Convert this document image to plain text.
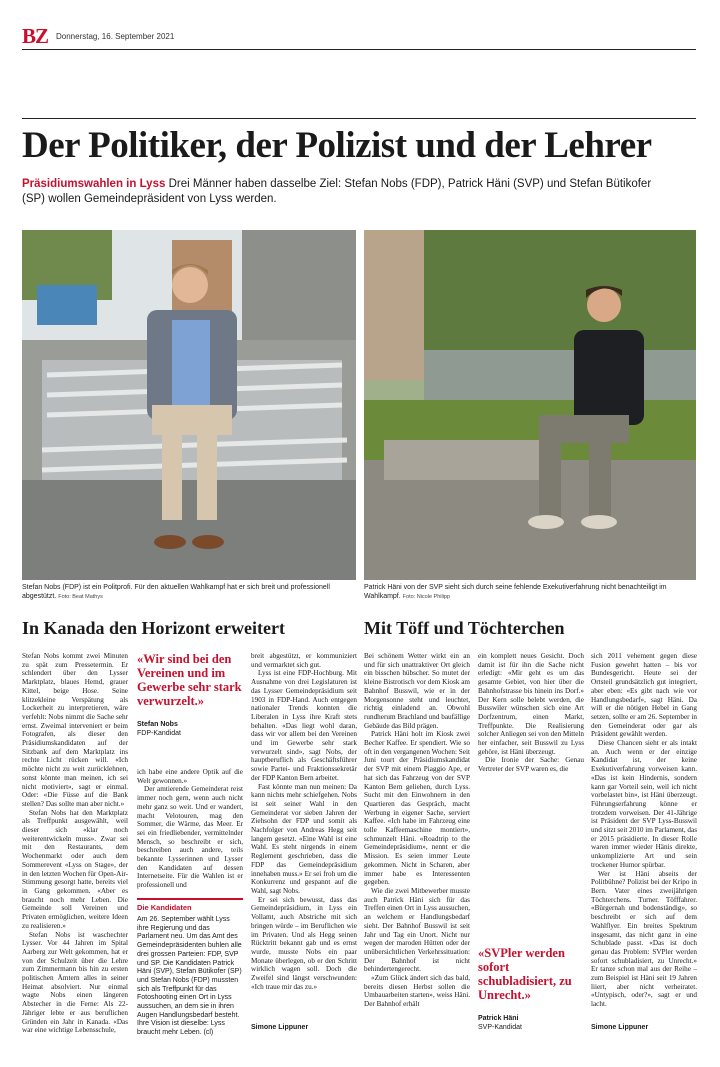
BZ Donnerstag, 16. September 2021
Der Politiker, der Polizist und der Lehrer
Präsidiumswahlen in Lyss Drei Männer haben dasselbe Ziel: Stefan Nobs (FDP), Patrick Häni (SVP) und Stefan Bütikofer (SP) wollen Gemeindepräsident von Lyss werden.
Stefan Nobs (FDP) ist ein Politprofi. Für den aktuellen Wahlkampf hat er sich breit und professionell abgestützt. Foto: Beat Mathys
Patrick Häni von der SVP sieht sich durch seine fehlende Exekutiverfahrung nicht benachteiligt im Wahlkampf. Foto: Nicole Philipp
In Kanada den Horizont erweitert

Stefan Nobs kommt zwei Minuten zu spät zum Pressetermin. Er schlendert über den Lysser Marktplatz, blaues Hemd, grauer Kittel, beige Hose. Seine klitzekleine Verspätung als Lockerheit zu interpretieren, wäre verfehlt: Nobs nimmt die Sache sehr ernst. Zweimal interveniert er beim Fotografen, als dieser den Präsidiumskandidaten auf der Sitzbank auf dem Marktplatz ins rechte Licht rücken will. «Ich möchte nicht zu weit zurücklehnen, sonst könnte man meinen, ich sei nicht motiviert», sagt er einmal. Oder: «Die Füsse auf die Bank stellen? Das sollte man aber nicht.»

Stefan Nobs hat den Marktplatz als Treffpunkt ausgewählt, weil dieser sich «klar noch weiterentwickeln muss». Zwar sei mit den Restaurants, dem Wochenmarkt oder auch dem Sommerevent «Lyss on Stage», der in den letzten Wochen für Open-Air-Stimmung gesorgt hatte, bereits viel in Gang gekommen. «Aber es braucht noch mehr Leben. Die Gemeinde soll Vereinen und Privaten ermöglichen, weitere Ideen zu realisieren.»

Stefan Nobs ist waschechter Lysser. Vor 44 Jahren im Spital Aarberg zur Welt gekommen, hat er von der Schulzeit über die Lehre zum Zimmermann bis hin zu ersten politischen Ämtern alles in seiner Heimat absolviert. Nur einmal wagte Nobs einen längeren Abstecher in die Ferne: Als 22-Jähriger lebte er aus beruflichen Gründen ein Jahr in Kanada. «Das war eine wichtige Lebensschule,

«Wir sind bei den Vereinen und im Gewerbe sehr stark verwurzelt.»
Stefan Nobs
FDP-Kandidat

ich habe eine andere Optik auf die Welt gewonnen.»

Der amtierende Gemeinderat reist immer noch gern, wenn auch nicht mehr ganz so weit. Und er wandert, macht Velotouren, mag den Sommer, die Wärme, das Meer. Er sei ein friedliebender, vermittelnder Mensch, so beschreibt er sich, beschreiben auch andere, teils bekannte Lysserinnen und Lysser den Kandidaten auf dessen Internetseite. Für die Wahlen ist er professionell und

Die Kandidaten
Am 26. September wählt Lyss ihre Regierung und das Parlament neu. Um das Amt des Gemeindepräsidenten buhlen alle drei grossen Parteien: FDP, SVP und SP. Die Kandidaten Patrick Häni (SVP), Stefan Bütikofer (SP) und Stefan Nobs (FDP) mussten sich als Treffpunkt für das Fotoshooting einen Ort in Lyss aussuchen, an dem sie in ihren Augen Handlungsbedarf besteht. Ihre Vision ist dieselbe: Lyss braucht mehr Leben. (cl)

breit abgestützt, er kommuniziert und vermarktet sich gut.

Lyss ist eine FDP-Hochburg. Mit Ausnahme von drei Legislaturen ist das Lysser Gemeindepräsidium seit 1903 in FDP-Hand. Auch entgegen nationaler Trends konnten die Liberalen in Lyss ihre Kraft stets behalten. «Das liegt wohl daran, dass wir vor allem bei den Vereinen und im Gewerbe sehr stark verwurzelt sind», sagt Nobs, der hauptberuflich als Geschäftsführer sowie Partei- und Fraktionssekretär der FDP Kanton Bern arbeitet.

Fast könnte man nun meinen: Da kann nichts mehr schiefgehen. Nobs ist seit seiner Wahl in den Gemeinderat vor sieben Jahren der Ziehsohn der FDP und somit als Nachfolger von Andreas Hegg seit langem gesetzt. «Eine Wahl ist eine Wahl. Es steht nirgends in einem Reglement geschrieben, dass die FDP das Gemeindepräsidium innehaben muss.» Er sei froh um die Konkurrenz und gespannt auf die Wahl, sagt Nobs.

Er sei sich bewusst, dass das Gemeindepräsidium, in Lyss ein Vollamt, auch Abstriche mit sich bringen würde – im Beruflichen wie im Privaten. Und als Hegg seinen Rücktritt bekannt gab und es ernst wurde, musste Nobs ein paar Monate überlegen, ob er den Schritt wirklich wagen soll. Doch die Zweifel sind längst verschwunden: «Ich traue mir das zu.»

Simone Lippuner
Mit Töff und Töchterchen

Bei schönem Wetter wirkt ein an und für sich unattraktiver Ort gleich ein bisschen hübscher. So mutet der kleine Bistrotisch vor dem Kiosk am Bahnhof Busswil, wie er in der Morgensonne steht und leuchtet, richtig einladend an. Obwohl rundherum Brachland und baufällige Gebäude das Bild prägen.

Patrick Häni holt im Kiosk zwei Becher Kaffee. Er spendiert. Wie so oft in den vergangenen Wochen: Seit Juni tourt der Präsidiumskandidat der SVP mit einem Piaggio Ape, er hat sich das Fahrzeug von der SVP Kanton Bern geliehen, durch Lyss. Sucht mit den Einwohnern in den Quartieren das Gespräch, macht Werbung in eigener Sache, serviert Kaffee. «Ich habe im Fahrzeug eine tolle Kaffeemaschine montiert», schmunzelt Häni. «Roadtrip to the Gemeindepräsidium», nennt er die Mission. Es seien immer Leute gekommen. Nicht in Scharen, aber immer habe es Interessenten gegeben.

Wie die zwei Mitbewerber musste auch Patrick Häni sich für das Treffen einen Ort in Lyss aussuchen, an welchem er Handlungsbedarf sieht. Der Bahnhof Busswil ist seit Jahr und Tag ein Unort. Nicht nur wegen der maroden Hütten oder der unübersichtlichen Verkehrssituation: Der Bahnhof ist nicht behindertengerecht.

«Zum Glück ändert sich das bald, bereits diesen Herbst sollen die Umbauarbeiten starten», weiss Häni. Der Bahnhof erhält

ein komplett neues Gesicht. Doch damit ist für ihn die Sache nicht erledigt: «Mir geht es um das gesamte Gebiet, von hier über die Bahnhofstrasse bis hinein ins Dorf.» Der Kern solle belebt werden, die Busswiler wünschen sich eine Art Dorfzentrum, einen Markt, Treffpunkte. Die Realisierung solcher Anliegen sei von den Mitteln her einfacher, seit Busswil zu Lyss gehöre, ist Häni überzeugt.

Die Ironie der Sache: Genau Vertreter der SVP waren es, die

«SVPler werden sofort schubladisiert, zu Unrecht.»
Patrick Häni
SVP-Kandidat

sich 2011 vehement gegen diese Fusion gewehrt hatten – bis vor Bundesgericht. Heute sei der Ortsteil grundsätzlich gut integriert, aber eben: «Es gibt nach wie vor Handlungsbedarf», sagt Häni. Da will er die nötigen Hebel in Gang setzen, sollte er am 26. September in den Gemeinderat oder gar als Präsident gewählt werden.

Diese Chancen sieht er als intakt an. Auch wenn er der einzige Kandidat ist, der keine Exekutiverfahrung vorweisen kann. «Das ist kein Hindernis, sondern kann gar Vorteil sein, weil ich nicht vorbelastet bin», ist Häni überzeugt. Führungserfahrung könne er trotzdem vorweisen. Der 41-Jährige ist Präsident der SVP Lyss-Busswil und sitzt seit 2010 im Parlament, das er 2015 präsidierte. In dieser Rolle waren immer wieder Hänis direkte, unkomplizierte Art und sein trockener Humor spürbar.

Wer ist Häni abseits der Politbühne? Polizist bei der Kripo in Bern. Vater eines zweijährigen Töchterchens. Turner. Töfffahrer. «Bürgernah und bodenständig», so beschreibt er sich auf dem Wahlflyer. Ein breites Spektrum insgesamt, das nicht ganz in eine Schublade passt. «Das ist doch genau das Problem: SVPler werden sofort schubladisiert, zu Unrecht.» Er tanze schon mal aus der Reihe – zum Beispiel ist Häni seit 19 Jahren liiert, aber nicht verheiratet. «Untypisch, oder?», sagt er und lacht.

Simone Lippuner
